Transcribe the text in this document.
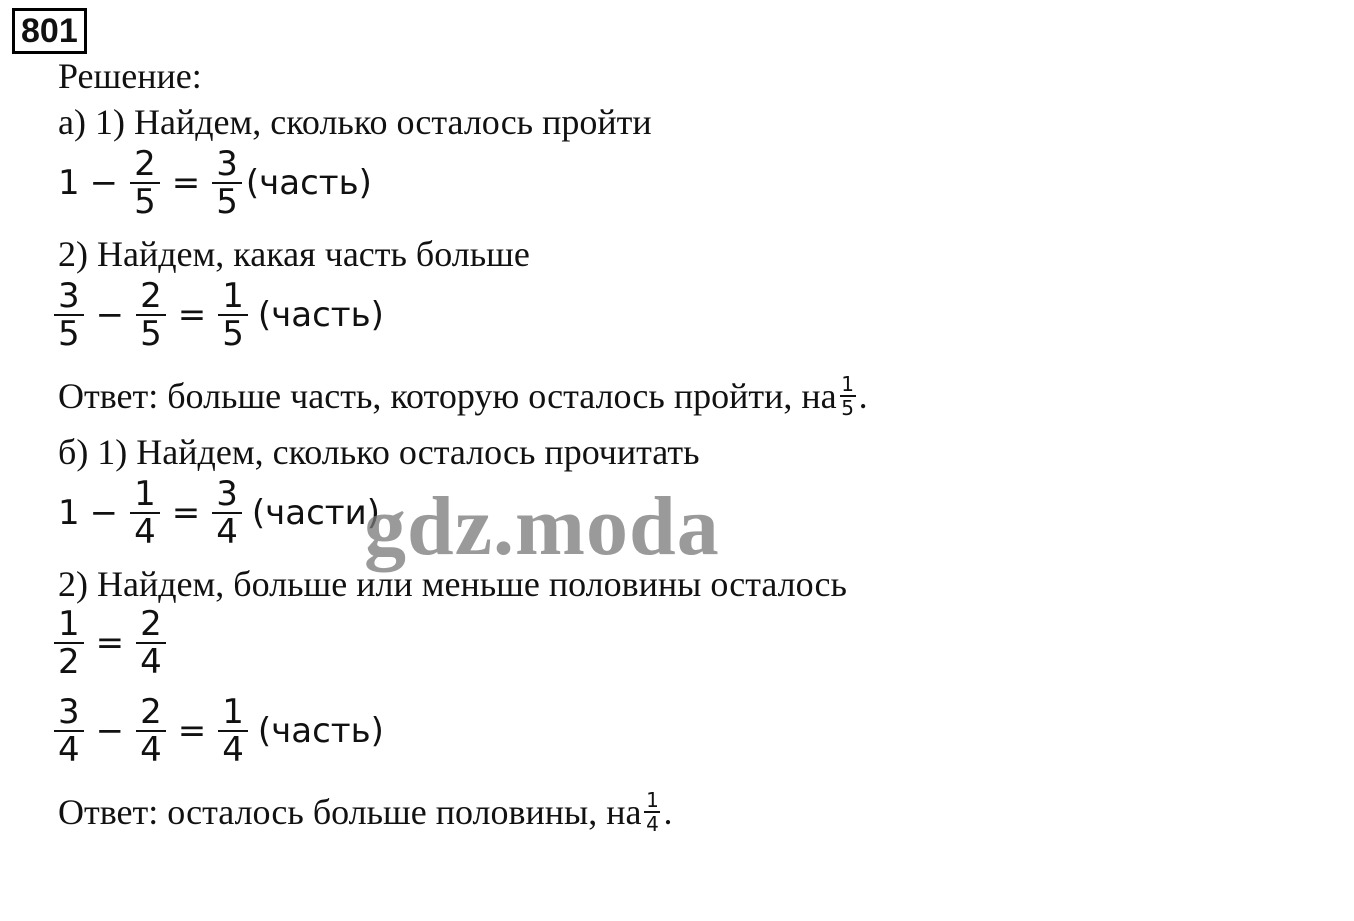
801
Решение:
а) 1) Найдем, сколько осталось пройти
$1 - \frac{2}{5} = \frac{3}{5}$ (часть)
2) Найдем, какая часть больше
$\frac{3}{5} - \frac{2}{5} = \frac{1}{5}$ (часть)
Ответ: больше часть, которую осталось пройти, на $\frac{1}{5}$ .
б) 1) Найдем, сколько осталось прочитать
$1 - \frac{1}{4} = \frac{3}{4}$ (части)
2) Найдем, больше или меньше половины осталось
$\frac{1}{2} = \frac{2}{4}$
$\frac{3}{4} - \frac{2}{4} = \frac{1}{4}$ (часть)
Ответ: осталось больше половины, на $\frac{1}{4}$ .
gdz.moda
